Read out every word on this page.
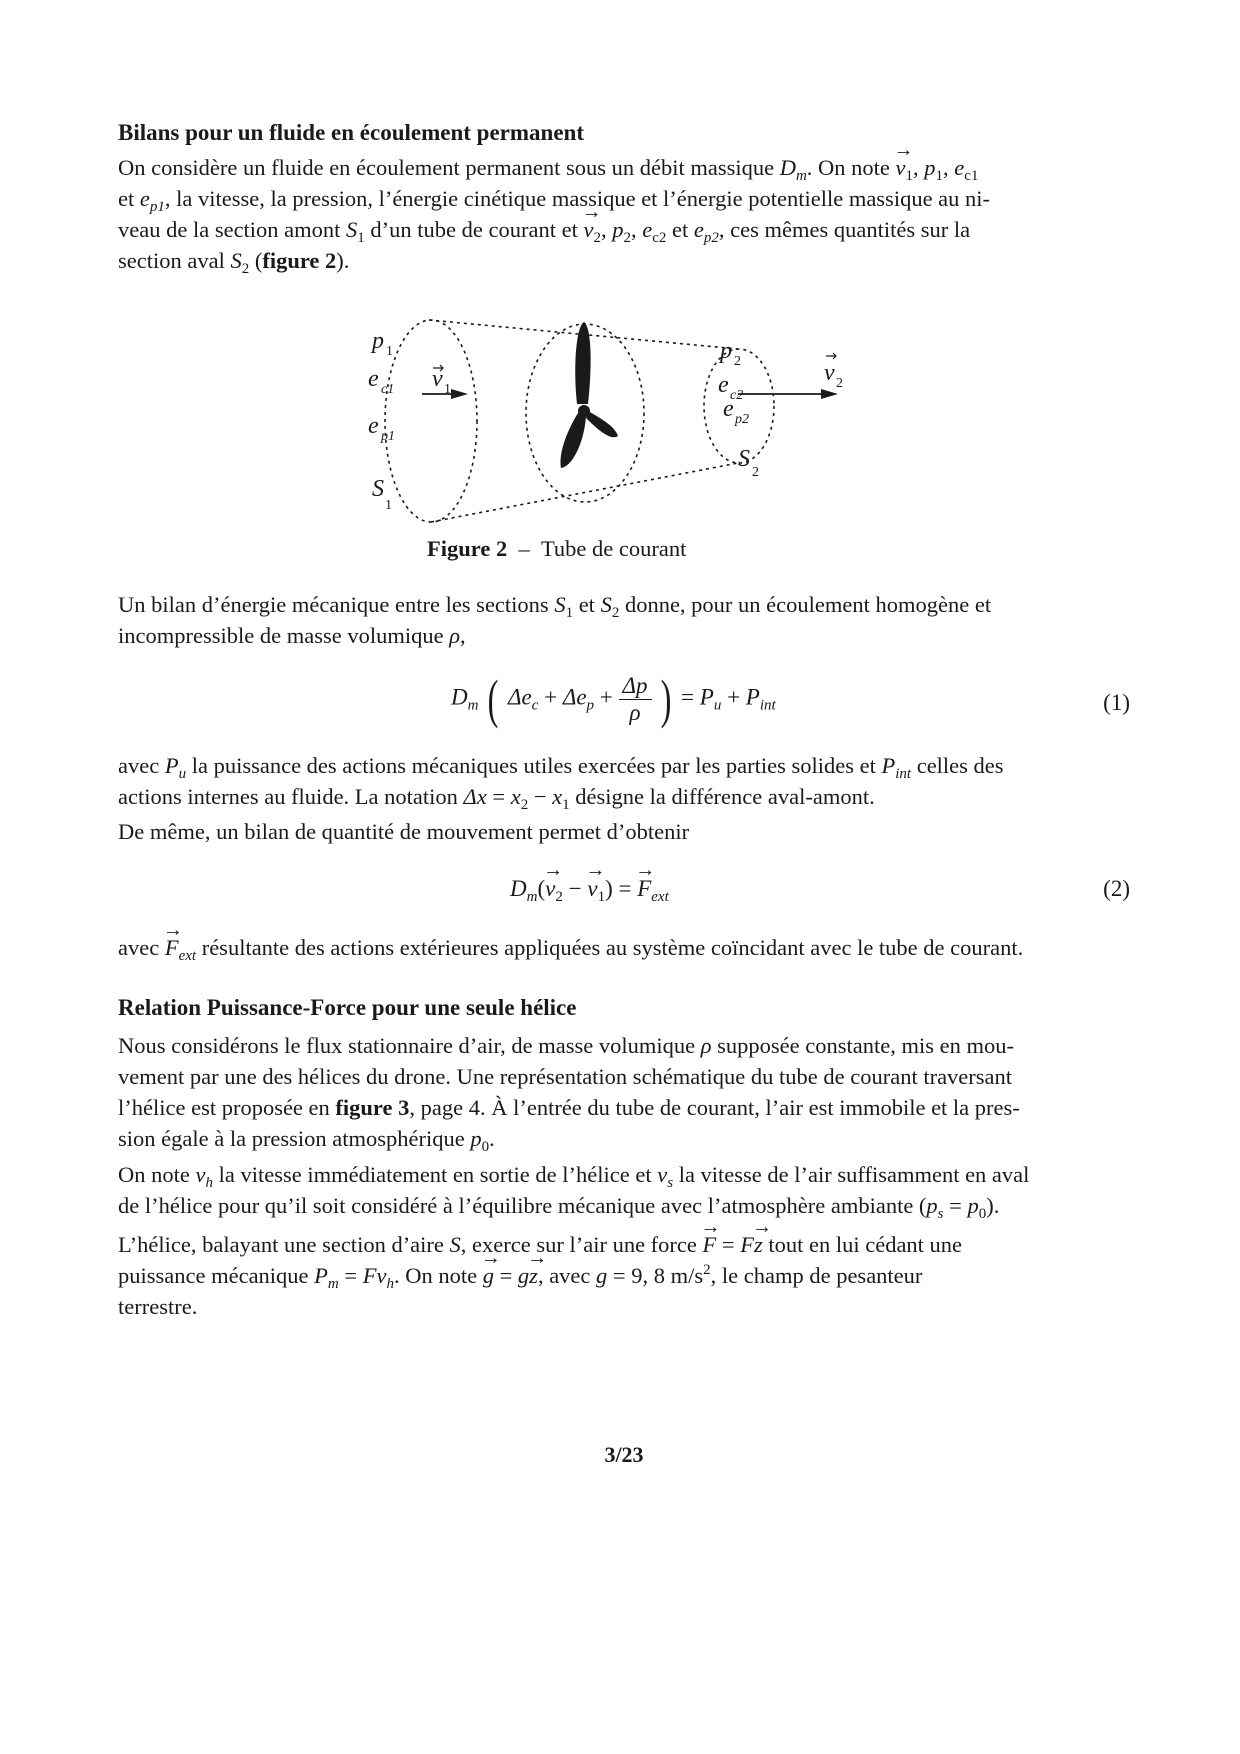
Bilans pour un fluide en écoulement permanent

On considère un fluide en écoulement permanent sous un débit massique $D_m$. On note → $v_1$, $p_1$, $e_{c1}$
et $e_{p1}$, la vitesse, la pression, l’énergie cinétique massique et l’énergie potentielle massique au ni-
veau de la section amont $S_1$ d’un tube de courant et → $v_2$, $p_2$, $e_{c2}$ et $e_{p2}$, ces mêmes quantités sur la
section aval $S_2$ (figure 2).

p 1
e c1
e p1
v 1
S
1
p 2
e c2
e p2
v 2
S
2
Figure 2 – Tube de courant

Un bilan d’énergie mécanique entre les sections $S_1$ et $S_2$ donne, pour un écoulement homogène et
incompressible de masse volumique ρ,

$D_m$ ( $\Delta e_c + \Delta e_p + \frac{\Delta p}{\rho}$ ) = $P_u + P_{int}$	(1)

avec $P_u$ la puissance des actions mécaniques utiles exercées par les parties solides et $P_{int}$ celles des
actions internes au fluide. La notation $\Delta x = x_2 - x_1$ désigne la différence aval-amont.

De même, un bilan de quantité de mouvement permet d’obtenir

$D_m(\to v_2$ − → $v_1$) = → $F_{ext}$	(2)

avec → $F_{ext}$ résultante des actions extérieures appliquées au système coïncidant avec le tube de courant.

Relation Puissance-Force pour une seule hélice

Nous considérons le flux stationnaire d’air, de masse volumique ρ supposée constante, mis en mou-
vement par une des hélices du drone. Une représentation schématique du tube de courant traversant
l’hélice est proposée en figure 3, page 4. À l’entrée du tube de courant, l’air est immobile et la pres-
sion égale à la pression atmosphérique $p_0$.

On note $v_h$ la vitesse immédiatement en sortie de l’hélice et $v_s$ la vitesse de l’air suffisamment en aval
de l’hélice pour qu’il soit considéré à l’équilibre mécanique avec l’atmosphère ambiante $(p_s = p_0)$.

L’hélice, balayant une section d’aire S, exerce sur l’air une force → F = F→ z tout en lui cédant une
puissance mécanique $P_m = Fv_h$. On note → g = g→ z, avec g = 9, 8 $m/s^2$, le champ de pesanteur
terrestre.

3/23
